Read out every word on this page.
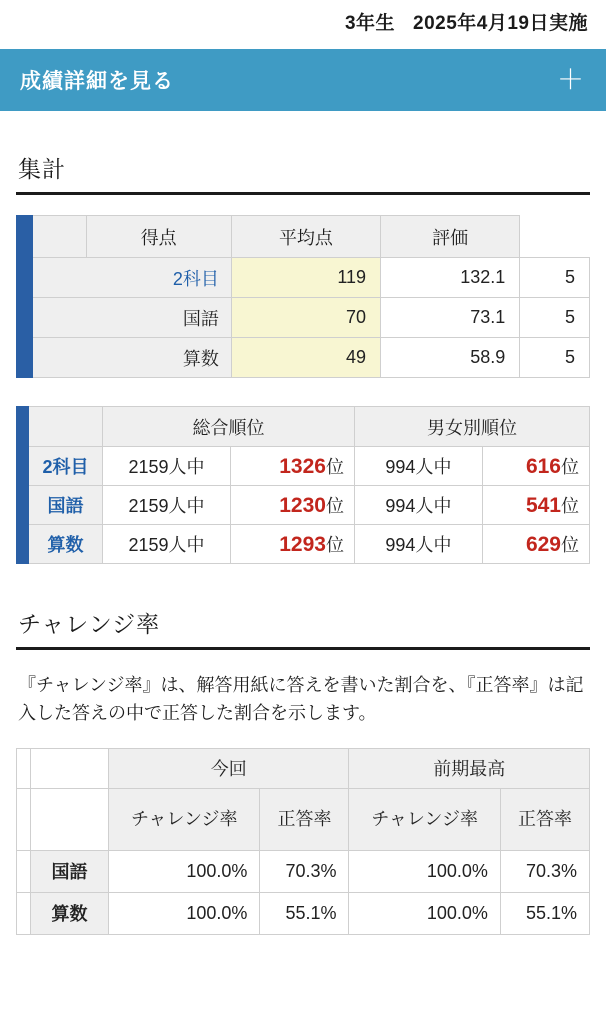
3年生 2025年4月19日実施
成績詳細を見る	＋
集計
		得点	平均点	評価	
	2科目		119	132.1	5
	国語		70	73.1	5
	算数		49	58.9	5
		総合順位		男女別順位	
	2科目	2159人中	1326位	994人中	616位
	国語	2159人中	1230位	994人中	541位
	算数	2159人中	1293位	994人中	629位
チャレンジ率
『チャレンジ率』は、解答用紙に答えを書いた割合を、『正答率』は記入した答えの中で正答した割合を示します。
		今回		前期最高	
		チャレンジ率	正答率	チャレンジ率	正答率
	国語	100.0%	70.3%	100.0%	70.3%
	算数	100.0%	55.1%	100.0%	55.1%
